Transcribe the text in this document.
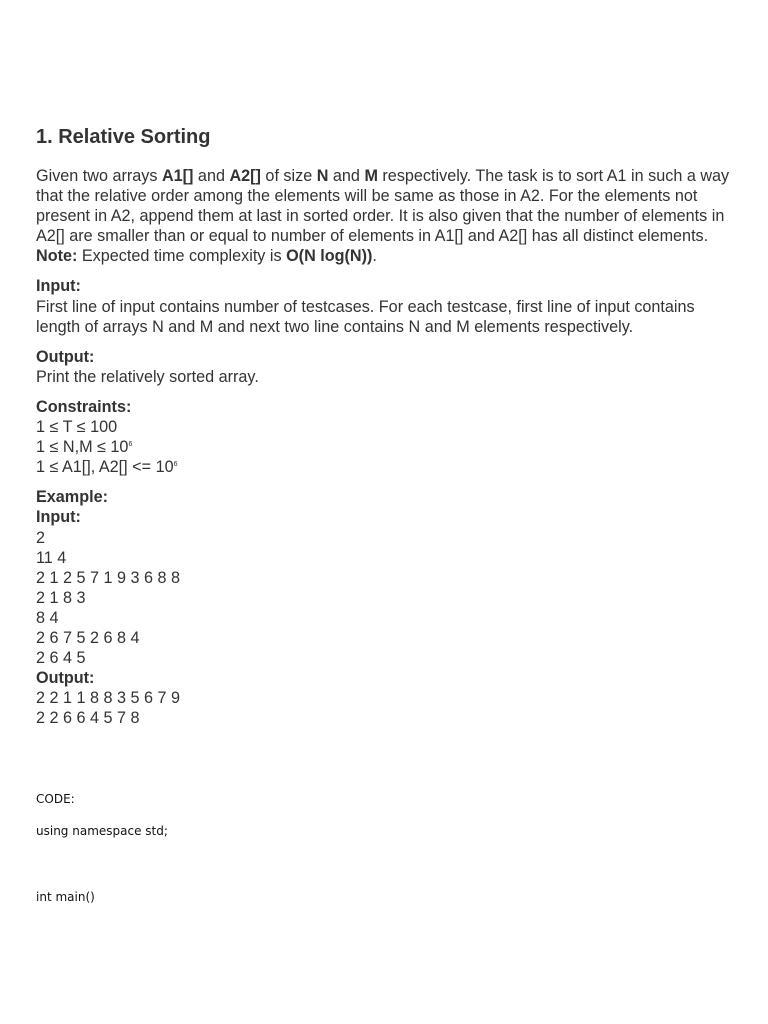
1. Relative Sorting

Given two arrays A1[] and A2[] of size N and M respectively. The task is to sort A1 in such a way that the relative order among the elements will be same as those in A2. For the elements not present in A2, append them at last in sorted order. It is also given that the number of elements in A2[] are smaller than or equal to number of elements in A1[] and A2[] has all distinct elements.

Note: Expected time complexity is O(N log(N)).

Input:

First line of input contains number of testcases. For each testcase, first line of input contains length of arrays N and M and next two line contains N and M elements respectively.

Output:

Print the relatively sorted array.

Constraints:

1 ≤ T ≤ 100

$1 \le N,M \le 10^6$

1 ≤ A1[], $A2[] <= 10^6$

Example:

Input:

2

11 4

2 1 2 5 7 1 9 3 6 8 8

2 1 8 3

8 4

2 6 7 5 2 6 8 4

2 6 4 5

Output:

2 2 1 1 8 8 3 5 6 7 9

2 2 6 6 4 5 7 8

CODE:
using namespace std;
int main()
